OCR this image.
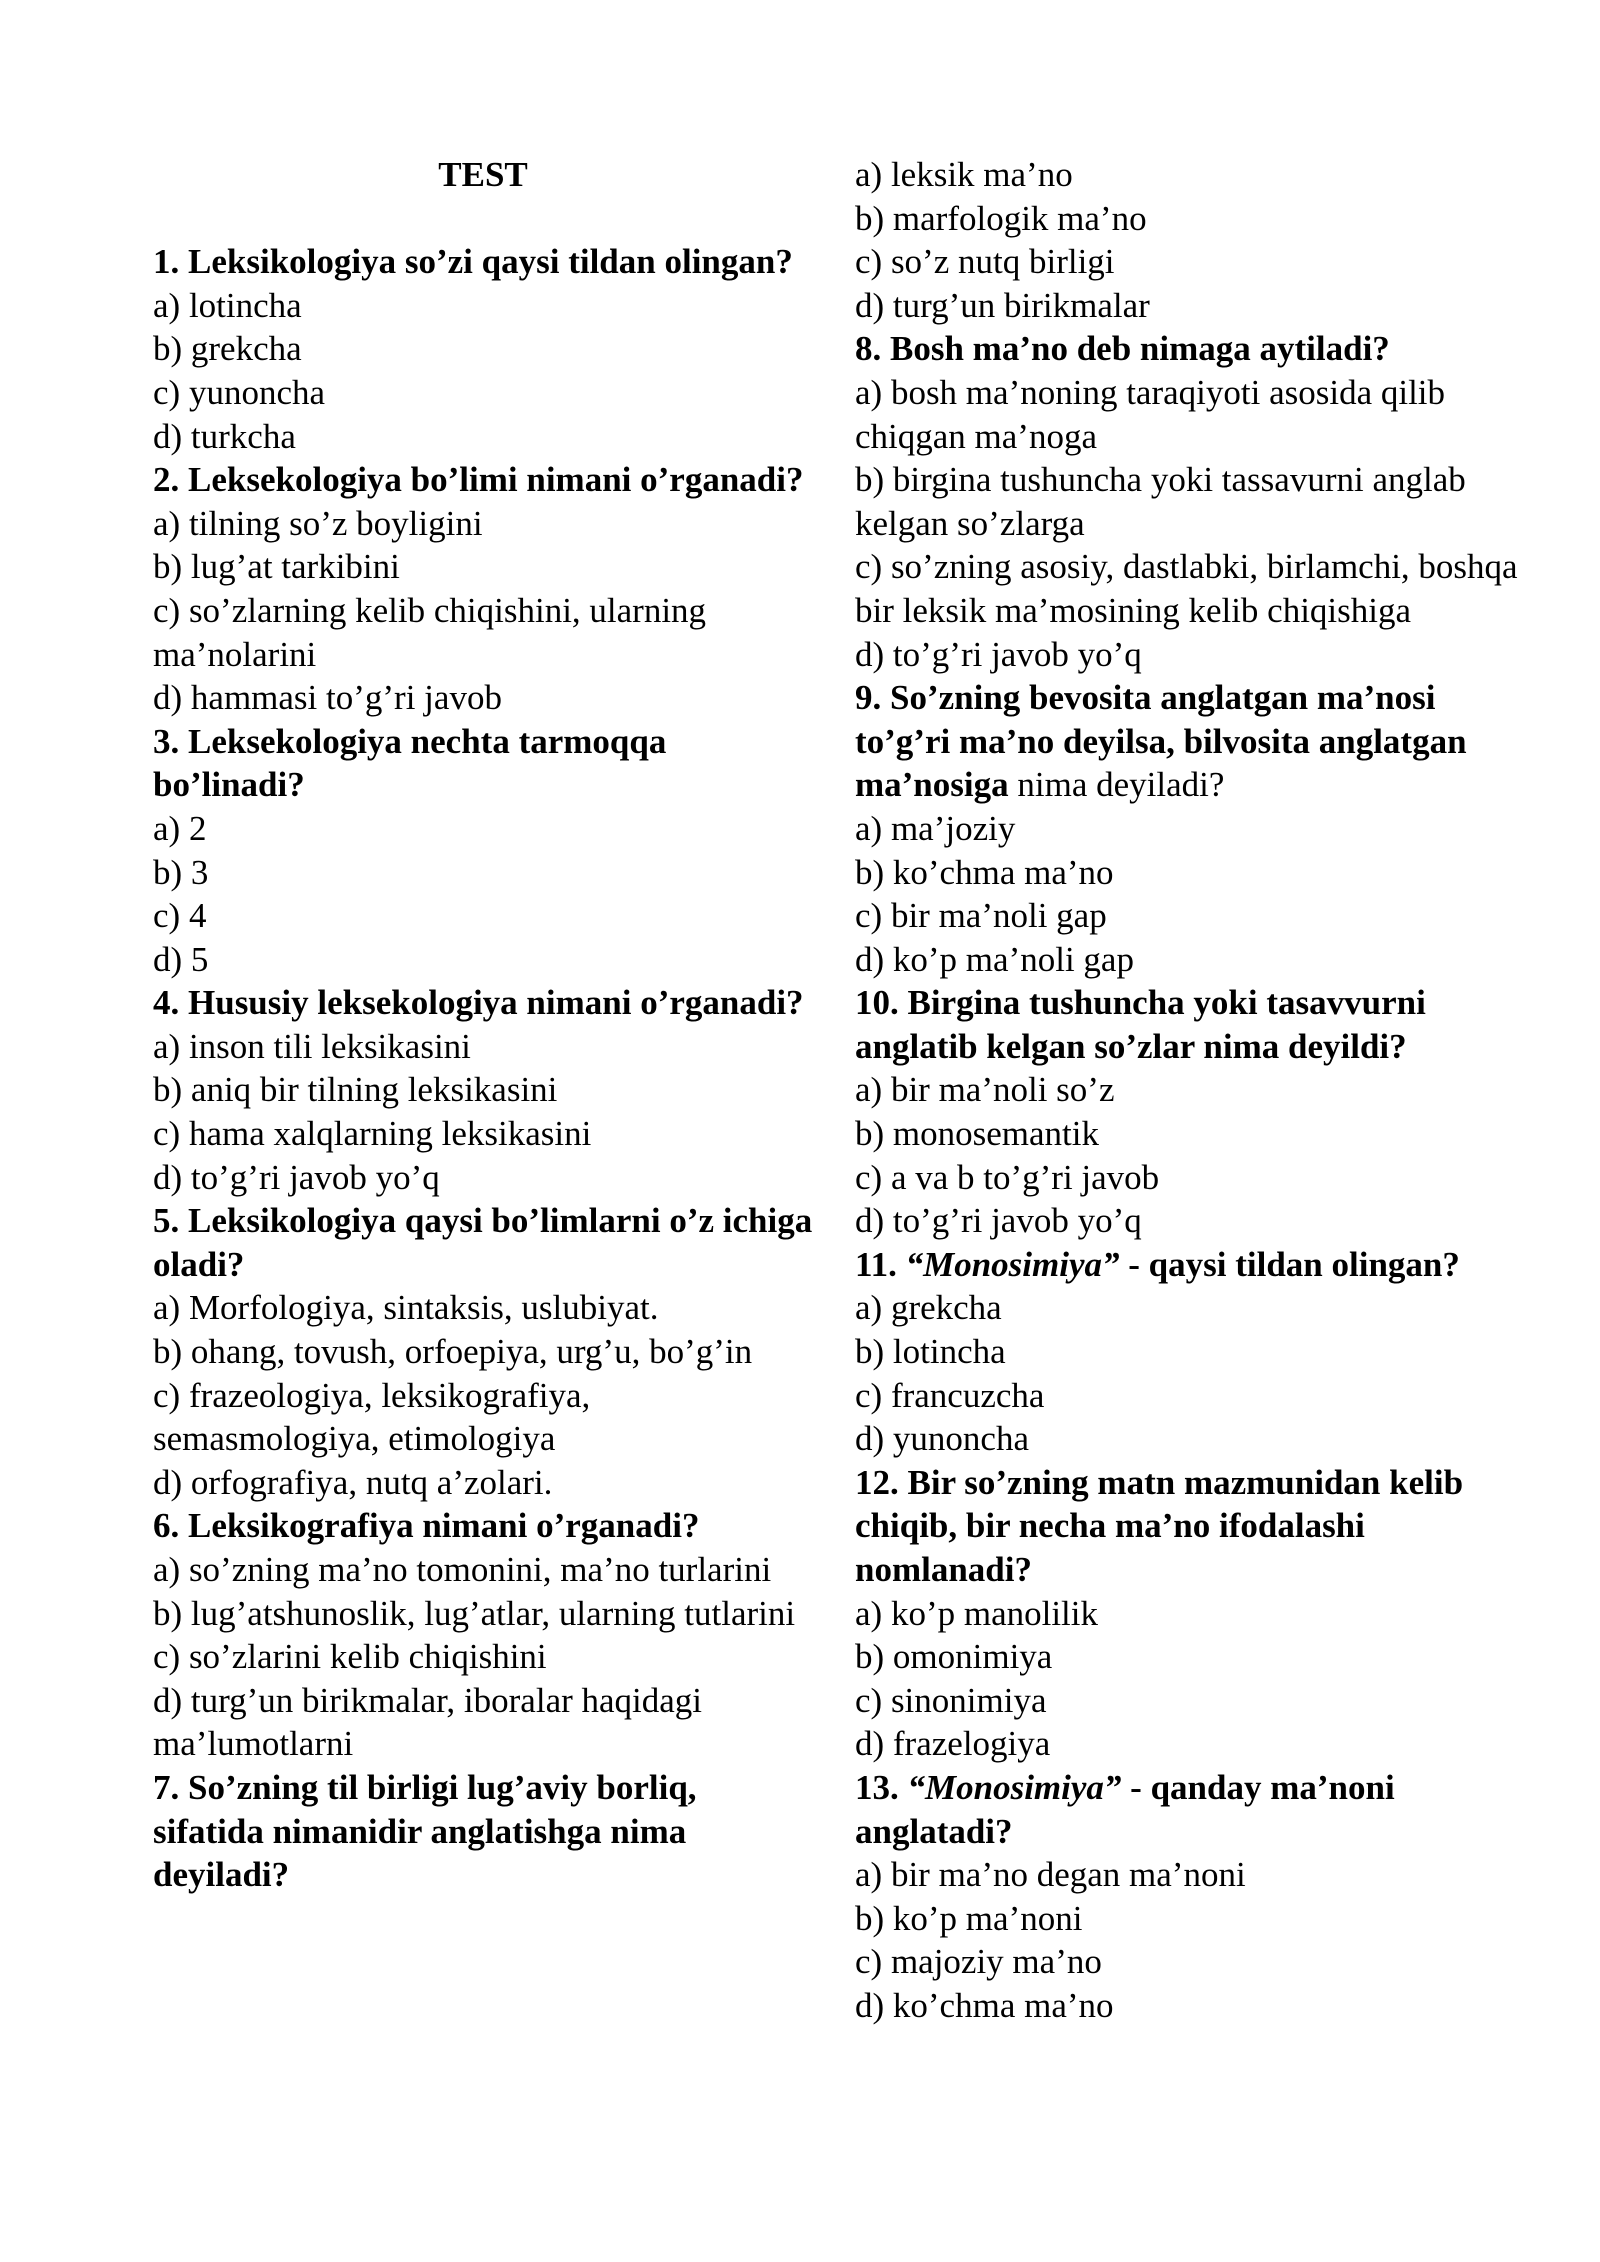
TEST
1. Leksikologiya so’zi qaysi tildan olingan?
a) lotincha
b) grekcha
c) yunoncha
d) turkcha
2. Leksekologiya bo’limi nimani o’rganadi?
a) tilning so’z boyligini
b) lug’at tarkibini
c) so’zlarning kelib chiqishini, ularning ma’nolarini
d) hammasi to’g’ri javob
3. Leksekologiya nechta tarmoqqa bo’linadi?
a) 2
b) 3
c) 4
d) 5
4. Hususiy leksekologiya nimani o’rganadi?
a) inson tili leksikasini
b) aniq bir tilning leksikasini
c) hama xalqlarning leksikasini
d) to’g’ri javob yo’q
5. Leksikologiya qaysi bo’limlarni o’z ichiga oladi?
a) Morfologiya, sintaksis, uslubiyat.
b) ohang, tovush, orfoepiya, urg’u, bo’g’in
c) frazeologiya, leksikografiya, semasmologiya, etimologiya
d) orfografiya, nutq a’zolari.
6. Leksikografiya nimani o’rganadi?
a) so’zning ma’no tomonini, ma’no turlarini
b) lug’atshunoslik, lug’atlar, ularning tutlarini
c) so’zlarini kelib chiqishini
d) turg’un birikmalar, iboralar haqidagi ma’lumotlarni
7. So’zning til birligi lug’aviy borliq, sifatida nimanidir anglatishga nima deyiladi?
a) leksik ma’no
b) marfologik ma’no
c) so’z nutq birligi
d) turg’un birikmalar
8. Bosh ma’no deb nimaga aytiladi?
a) bosh ma’noning taraqiyoti asosida qilib chiqgan ma’noga
b) birgina tushuncha yoki tassavurni anglab kelgan so’zlarga
c) so’zning asosiy, dastlabki, birlamchi, boshqa bir leksik ma’mosining kelib chiqishiga
d) to’g’ri javob yo’q
9. So’zning bevosita anglatgan ma’nosi to’g’ri ma’no deyilsa, bilvosita anglatgan ma’nosiga nima deyiladi?
a) ma’joziy
b) ko’chma ma’no
c) bir ma’noli gap
d) ko’p ma’noli gap
10. Birgina tushuncha yoki tasavvurni anglatib kelgan so’zlar nima deyildi?
a) bir ma’noli so’z
b) monosemantik
c) a va b to’g’ri javob
d) to’g’ri javob yo’q
11. “Monosimiya” - qaysi tildan olingan?
a) grekcha
b) lotincha
c) francuzcha
d) yunoncha
12. Bir so’zning matn mazmunidan kelib chiqib, bir necha ma’no ifodalashi nomlanadi?
a) ko’p manolilik
b) omonimiya
c) sinonimiya
d) frazelogiya
13. “Monosimiya” - qanday ma’noni anglatadi?
a) bir ma’no degan ma’noni
b) ko’p ma’noni
c) majoziy ma’no
d) ko’chma ma’no
